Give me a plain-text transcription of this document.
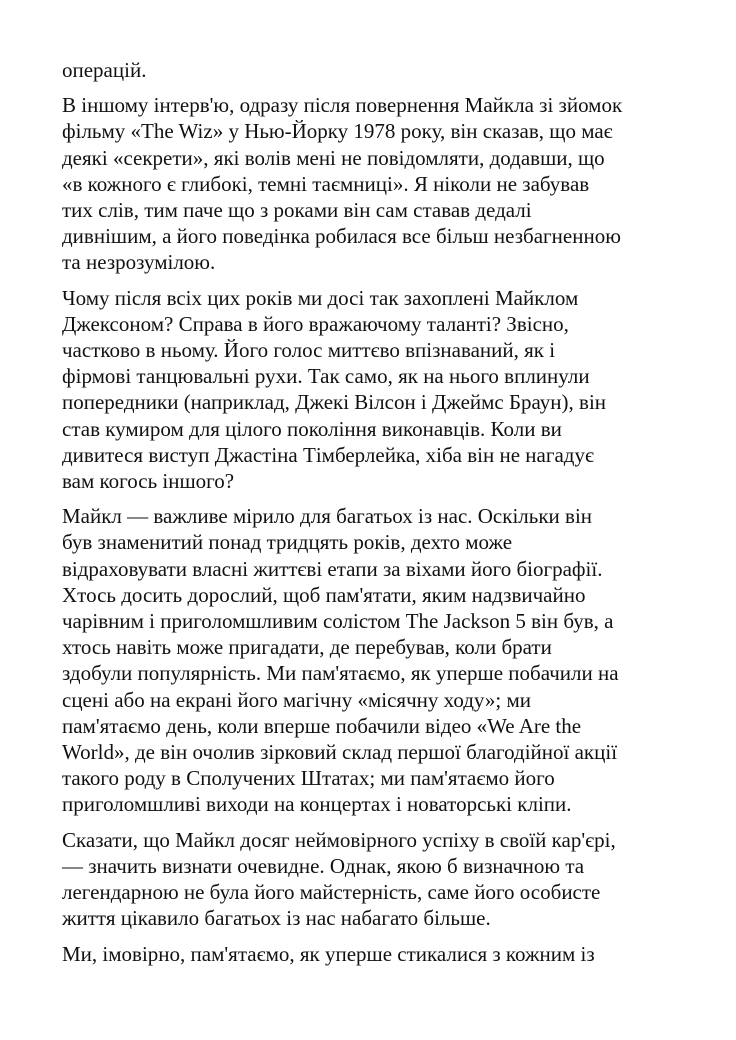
операцій.

В іншому інтерв'ю, одразу після повернення Майкла зі зйомок
фільму «The Wiz» у Нью-Йорку 1978 року, він сказав, що має
деякі «секрети», які волів мені не повідомляти, додавши, що
«в кожного є глибокі, темні таємниці». Я ніколи не забував
тих слів, тим паче що з роками він сам ставав дедалі
дивнішим, а його поведінка робилася все більш незбагненною
та незрозумілою.

Чому після всіх цих років ми досі так захоплені Майклом
Джексоном? Справа в його вражаючому таланті? Звісно,
частково в ньому. Його голос миттєво впізнаваний, як і
фірмові танцювальні рухи. Так само, як на нього вплинули
попередники (наприклад, Джекі Вілсон і Джеймс Браун), він
став кумиром для цілого покоління виконавців. Коли ви
дивитеся виступ Джастіна Тімберлейка, хіба він не нагадує
вам когось іншого?

Майкл — важливе мірило для багатьох із нас. Оскільки він
був знаменитий понад тридцять років, дехто може
відраховувати власні життєві етапи за віхами його біографії.
Хтось досить дорослий, щоб пам'ятати, яким надзвичайно
чарівним і приголомшливим солістом The Jackson 5 він був, а
хтось навіть може пригадати, де перебував, коли брати
здобули популярність. Ми пам'ятаємо, як уперше побачили на
сцені або на екрані його магічну «місячну ходу»; ми
пам'ятаємо день, коли вперше побачили відео «We Are the
World», де він очолив зірковий склад першої благодійної акції
такого роду в Сполучених Штатах; ми пам'ятаємо його
приголомшливі виходи на концертах і новаторські кліпи.

Сказати, що Майкл досяг неймовірного успіху в своїй кар'єрі,
— значить визнати очевидне. Однак, якою б визначною та
легендарною не була його майстерність, саме його особисте
життя цікавило багатьох із нас набагато більше.

Ми, імовірно, пам'ятаємо, як уперше стикалися з кожним із
